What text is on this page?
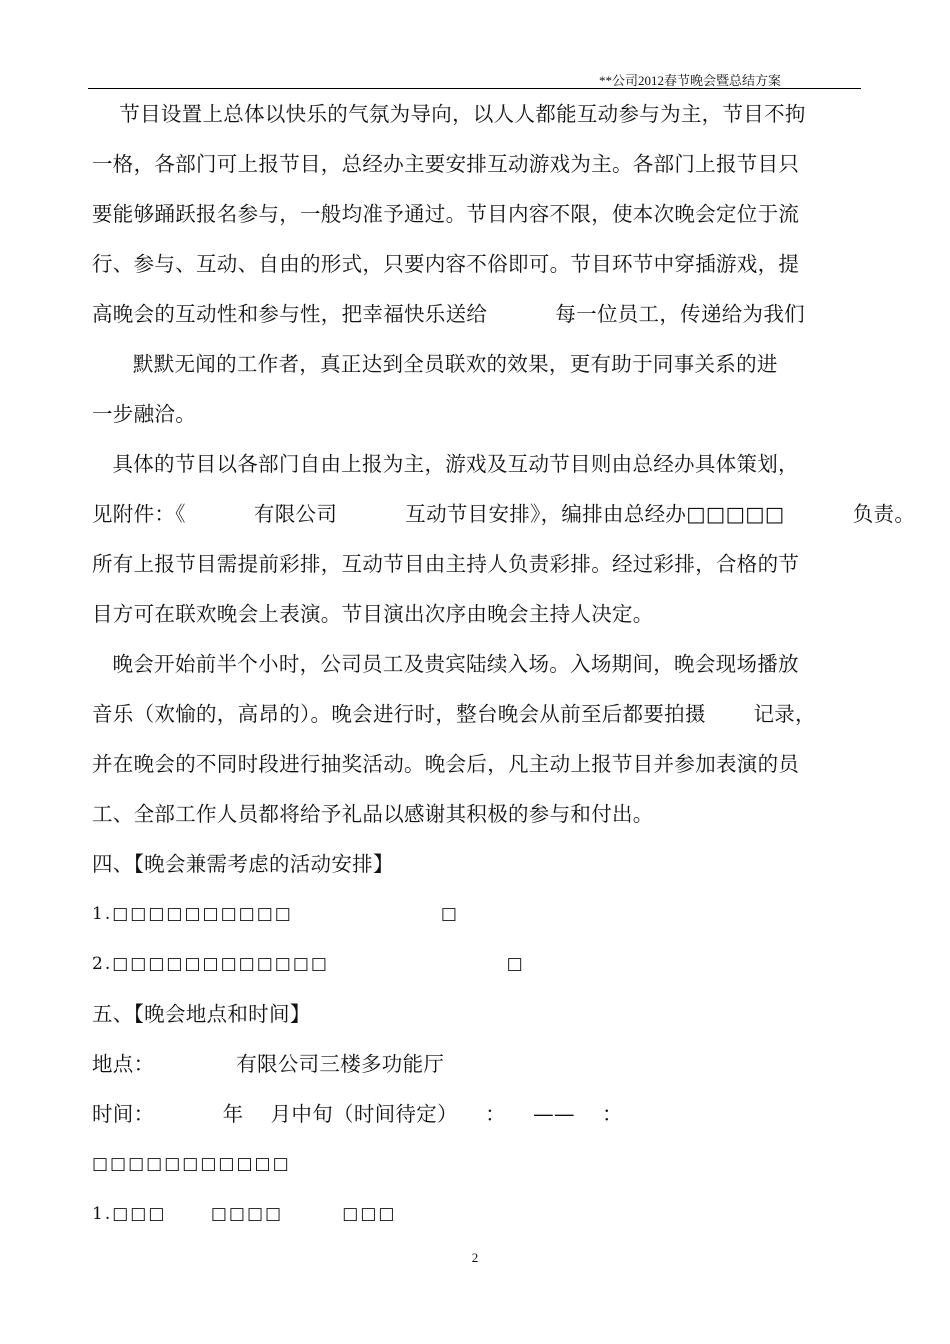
**公司2012春节晚会暨总结方案
节目设置上总体以快乐的气氛为导向，以人人都能互动参与为主，节目不拘
一格，各部门可上报节目，总经办主要安排互动游戏为主。各部门上报节目只
要能够踊跃报名参与，一般均准予通过。节目内容不限，使本次晚会定位于流
行、参与、互动、自由的形式，只要内容不俗即可。节目环节中穿插游戏，提
高晚会的互动性和参与性，把幸福快乐送给          每一位员工，传递给为我们
默默无闻的工作者，真正达到全员联欢的效果，更有助于同事关系的进
一步融洽。
具体的节目以各部门自由上报为主，游戏及互动节目则由总经办具体策划，
见附件：《          有限公司          互动节目安排》，编排由总经办□□□□□          负责。
所有上报节目需提前彩排，互动节目由主持人负责彩排。经过彩排，合格的节
目方可在联欢晚会上表演。节目演出次序由晚会主持人决定。
晚会开始前半个小时，公司员工及贵宾陆续入场。入场期间，晚会现场播放
音乐（欢愉的，高昂的）。晚会进行时，整台晚会从前至后都要拍摄       记录，
并在晚会的不同时段进行抽奖活动。晚会后，凡主动上报节目并参加表演的员
工、全部工作人员都将给予礼品以感谢其积极的参与和付出。
四、【晚会兼需考虑的活动安排】
1.□□□□□□□□□□                    □
2.□□□□□□□□□□□□                        □
五、【晚会地点和时间】
地点：            有限公司三楼多功能厅
时间：          年    月中旬（时间待定）    ：    ——    ：
□□□□□□□□□□□
1.□□□      □□□□        □□□
2
